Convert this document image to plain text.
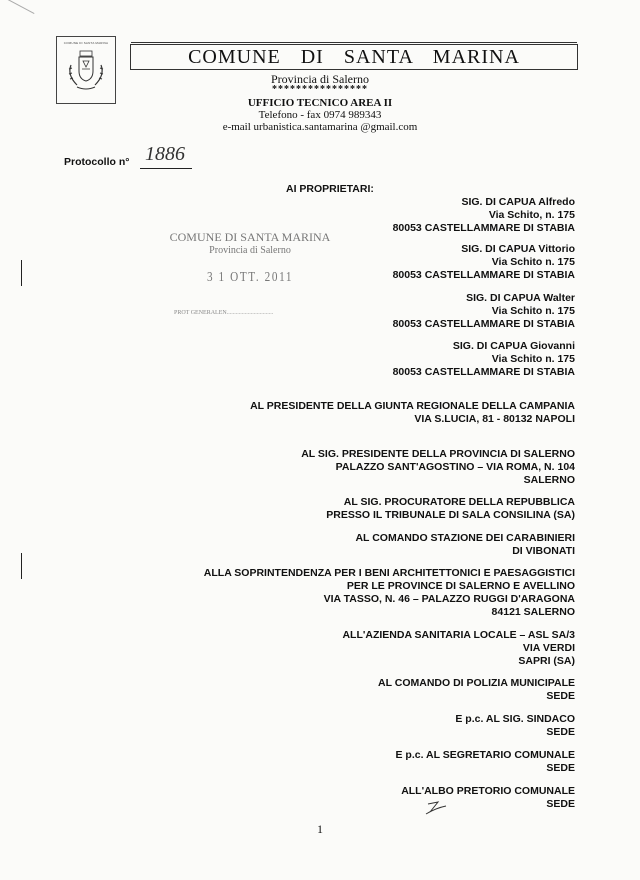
COMUNE DI SANTA MARINA
COMUNE DI SANTA MARINA
Provincia di Salerno
****************
UFFICIO TECNICO AREA II
Telefono - fax 0974 989343
e-mail urbanistica.santamarina @gmail.com
Protocollo n° 1886
AI PROPRIETARI:
SIG. DI CAPUA Alfredo
Via Schito, n. 175
80053 CASTELLAMMARE DI STABIA
SIG. DI CAPUA Vittorio
Via Schito n. 175
80053 CASTELLAMMARE DI STABIA
SIG. DI CAPUA Walter
Via Schito n. 175
80053 CASTELLAMMARE DI STABIA
SIG. DI CAPUA Giovanni
Via Schito n. 175
80053 CASTELLAMMARE DI STABIA
COMUNE DI SANTA MARINA
Provincia di Salerno
3 1 OTT. 2011
PROT GENERALEN...............................
AL PRESIDENTE DELLA GIUNTA REGIONALE DELLA CAMPANIA
VIA S.LUCIA, 81 - 80132 NAPOLI
AL SIG. PRESIDENTE DELLA PROVINCIA DI SALERNO
PALAZZO SANT'AGOSTINO – VIA ROMA, N. 104
SALERNO
AL SIG. PROCURATORE DELLA REPUBBLICA
PRESSO IL TRIBUNALE DI SALA CONSILINA (SA)
AL COMANDO STAZIONE DEI CARABINIERI
DI VIBONATI
ALLA SOPRINTENDENZA PER I BENI ARCHITETTONICI E PAESAGGISTICI
PER LE PROVINCE DI SALERNO E AVELLINO
VIA TASSO, N. 46 – PALAZZO RUGGI D'ARAGONA
84121 SALERNO
ALL'AZIENDA SANITARIA LOCALE – ASL SA/3
VIA VERDI
SAPRI (SA)
AL COMANDO DI POLIZIA MUNICIPALE
SEDE
E p.c. AL SIG. SINDACO
SEDE
E p.c. AL SEGRETARIO COMUNALE
SEDE
ALL'ALBO PRETORIO COMUNALE
SEDE
1
